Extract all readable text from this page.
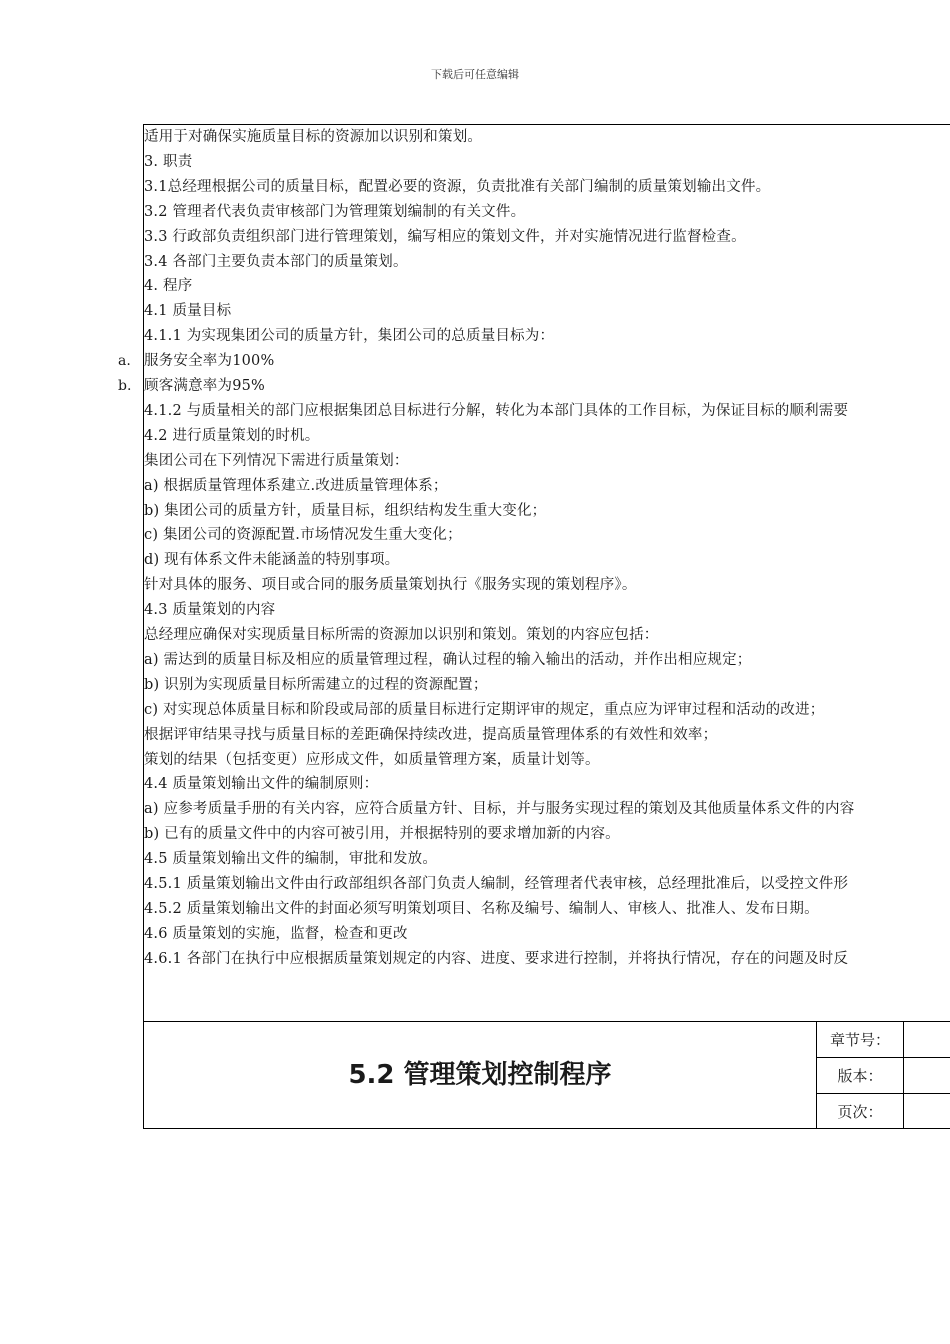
下载后可任意编辑
适用于对确保实施质量目标的资源加以识别和策划。
3. 职责
3.1总经理根据公司的质量目标，配置必要的资源，负责批准有关部门编制的质量策划输出文件。
3.2 管理者代表负责审核部门为管理策划编制的有关文件。
3.3 行政部负责组织部门进行管理策划，编写相应的策划文件，并对实施情况进行监督检查。
3.4 各部门主要负责本部门的质量策划。
4. 程序
4.1 质量目标
4.1.1 为实现集团公司的质量方针，集团公司的总质量目标为：
a. 服务安全率为100%
b. 顾客满意率为95%
4.1.2 与质量相关的部门应根据集团总目标进行分解，转化为本部门具体的工作目标，为保证目标的顺利需要
4.2 进行质量策划的时机。
集团公司在下列情况下需进行质量策划：
a) 根据质量管理体系建立.改进质量管理体系；
b) 集团公司的质量方针，质量目标，组织结构发生重大变化；
c) 集团公司的资源配置.市场情况发生重大变化；
d) 现有体系文件未能涵盖的特别事项。
针对具体的服务、项目或合同的服务质量策划执行《服务实现的策划程序》。
4.3 质量策划的内容
总经理应确保对实现质量目标所需的资源加以识别和策划。策划的内容应包括：
a) 需达到的质量目标及相应的质量管理过程，确认过程的输入输出的活动，并作出相应规定；
b) 识别为实现质量目标所需建立的过程的资源配置；
c) 对实现总体质量目标和阶段或局部的质量目标进行定期评审的规定，重点应为评审过程和活动的改进；
根据评审结果寻找与质量目标的差距确保持续改进，提高质量管理体系的有效性和效率；
策划的结果（包括变更）应形成文件，如质量管理方案，质量计划等。
4.4 质量策划输出文件的编制原则：
a) 应参考质量手册的有关内容，应符合质量方针、目标，并与服务实现过程的策划及其他质量体系文件的内容
b) 已有的质量文件中的内容可被引用，并根据特别的要求增加新的内容。
4.5 质量策划输出文件的编制，审批和发放。
4.5.1 质量策划输出文件由行政部组织各部门负责人编制，经管理者代表审核，总经理批准后，以受控文件形
4.5.2 质量策划输出文件的封面必须写明策划项目、名称及编号、编制人、审核人、批准人、发布日期。
4.6 质量策划的实施，监督，检查和更改
4.6.1 各部门在执行中应根据质量策划规定的内容、进度、要求进行控制，并将执行情况，存在的问题及时反
5.2 管理策划控制程序
章节号：
版本：
页次：
